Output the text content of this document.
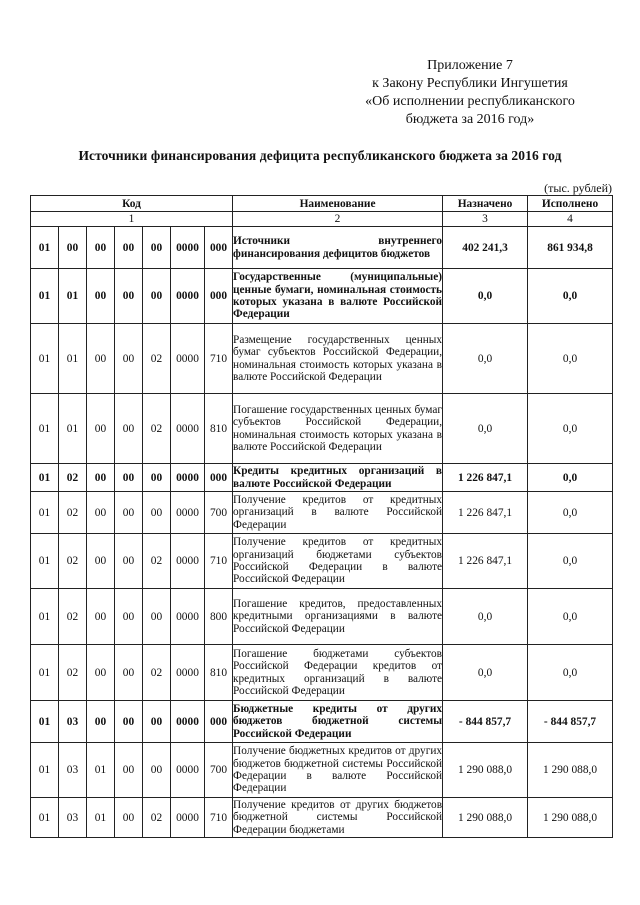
Приложение 7
к Закону Республики Ингушетия
«Об исполнении республиканского
бюджета за 2016 год»
Источники финансирования дефицита республиканского бюджета за 2016 год
(тыс. рублей)
Код							Наименование	Назначено	Исполнено
1							2	3	4
01	00	00	00	00	0000	000	Источники внутреннего финансирования дефицитов бюджетов	402 241,3	861 934,8
01	01	00	00	00	0000	000	Государственные (муниципальные) ценные бумаги, номинальная стоимость которых указана в валюте Российской Федерации	0,0	0,0
01	01	00	00	02	0000	710	Размещение государственных ценных бумаг субъектов Российской Федерации, номинальная стоимость которых указана в валюте Российской Федерации	0,0	0,0
01	01	00	00	02	0000	810	Погашение государственных ценных бумаг субъектов Российской Федерации, номинальная стоимость которых указана в валюте Российской Федерации	0,0	0,0
01	02	00	00	00	0000	000	Кредиты кредитных организаций в валюте Российской Федерации	1 226 847,1	0,0
01	02	00	00	00	0000	700	Получение кредитов от кредитных организаций в валюте Российской Федерации	1 226 847,1	0,0
01	02	00	00	02	0000	710	Получение кредитов от кредитных организаций бюджетами субъектов Российской Федерации в валюте Российской Федерации	1 226 847,1	0,0
01	02	00	00	00	0000	800	Погашение кредитов, предоставленных кредитными организациями в валюте Российской Федерации	0,0	0,0
01	02	00	00	02	0000	810	Погашение бюджетами субъектов Российской Федерации кредитов от кредитных организаций в валюте Российской Федерации	0,0	0,0
01	03	00	00	00	0000	000	Бюджетные кредиты от других бюджетов бюджетной системы Российской Федерации	- 844 857,7	- 844 857,7
01	03	01	00	00	0000	700	Получение бюджетных кредитов от других бюджетов бюджетной системы Российской Федерации в валюте Российской Федерации	1 290 088,0	1 290 088,0
01	03	01	00	02	0000	710	Получение кредитов от других бюджетов бюджетной системы Российской Федерации бюджетами	1 290 088,0	1 290 088,0
